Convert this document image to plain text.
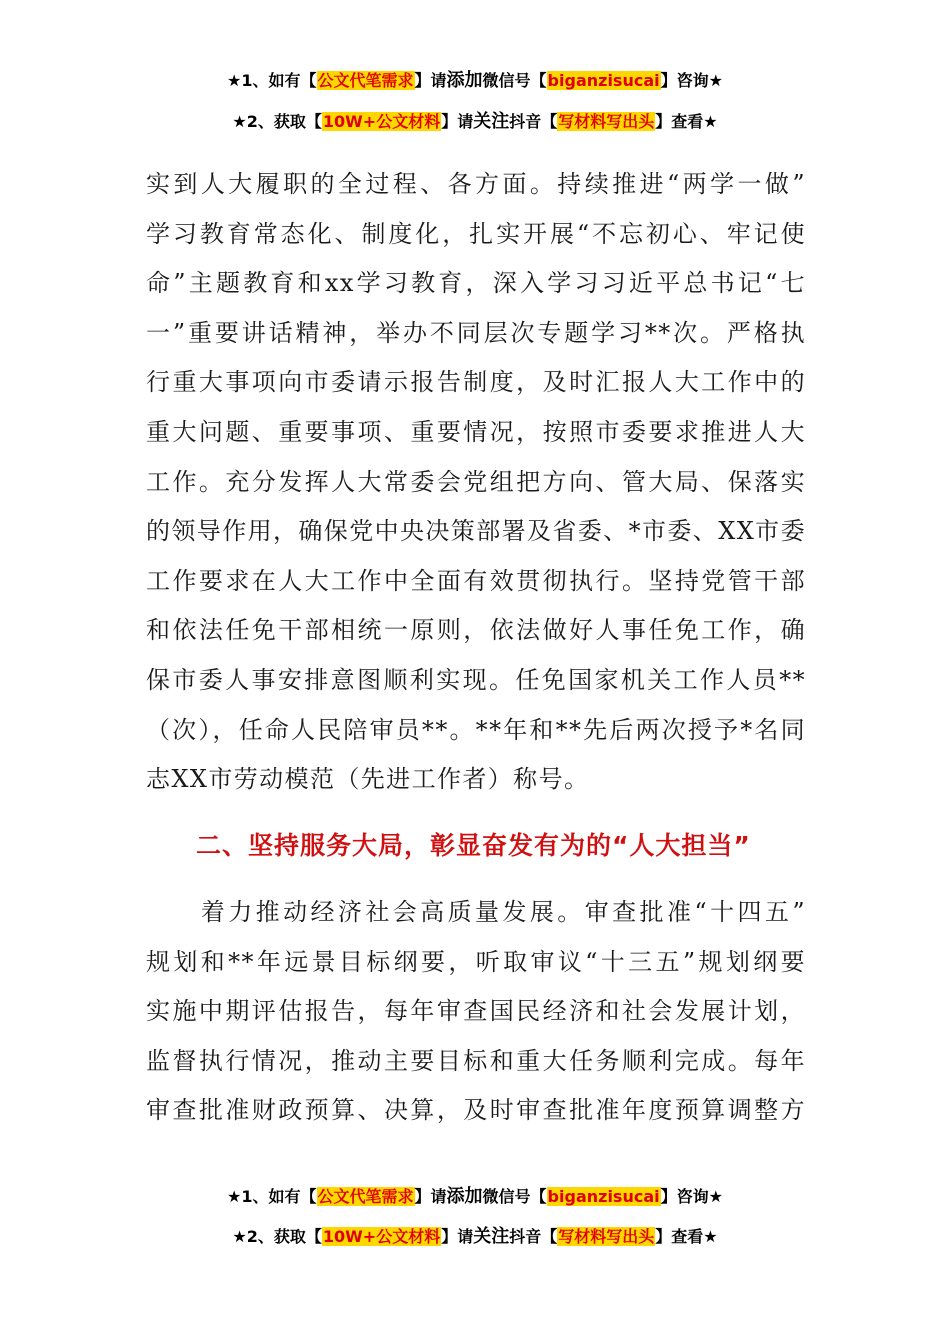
★1、如有【公文代笔需求】请添加微信号【biganzisucai】咨询★
★2、获取【10W+公文材料】请关注抖音【写材料写出头】查看★
实到人大履职的全过程、各方面。持续推进“两学一做”
学习教育常态化、制度化，扎实开展“不忘初心、牢记使
命”主题教育和xx学习教育，深入学习习近平总书记“七
一”重要讲话精神，举办不同层次专题学习**次。严格执
行重大事项向市委请示报告制度，及时汇报人大工作中的
重大问题、重要事项、重要情况，按照市委要求推进人大
工作。充分发挥人大常委会党组把方向、管大局、保落实
的领导作用，确保党中央决策部署及省委、*市委、XX市委
工作要求在人大工作中全面有效贯彻执行。坚持党管干部
和依法任免干部相统一原则，依法做好人事任免工作，确
保市委人事安排意图顺利实现。任免国家机关工作人员**
（次），任命人民陪审员**。**年和**先后两次授予*名同
志XX市劳动模范（先进工作者）称号。
二、坚持服务大局，彰显奋发有为的“人大担当”
　　着力推动经济社会高质量发展。审查批准“十四五”
规划和**年远景目标纲要，听取审议“十三五”规划纲要
实施中期评估报告，每年审查国民经济和社会发展计划，
监督执行情况，推动主要目标和重大任务顺利完成。每年
审查批准财政预算、决算，及时审查批准年度预算调整方
★1、如有【公文代笔需求】请添加微信号【biganzisucai】咨询★
★2、获取【10W+公文材料】请关注抖音【写材料写出头】查看★
